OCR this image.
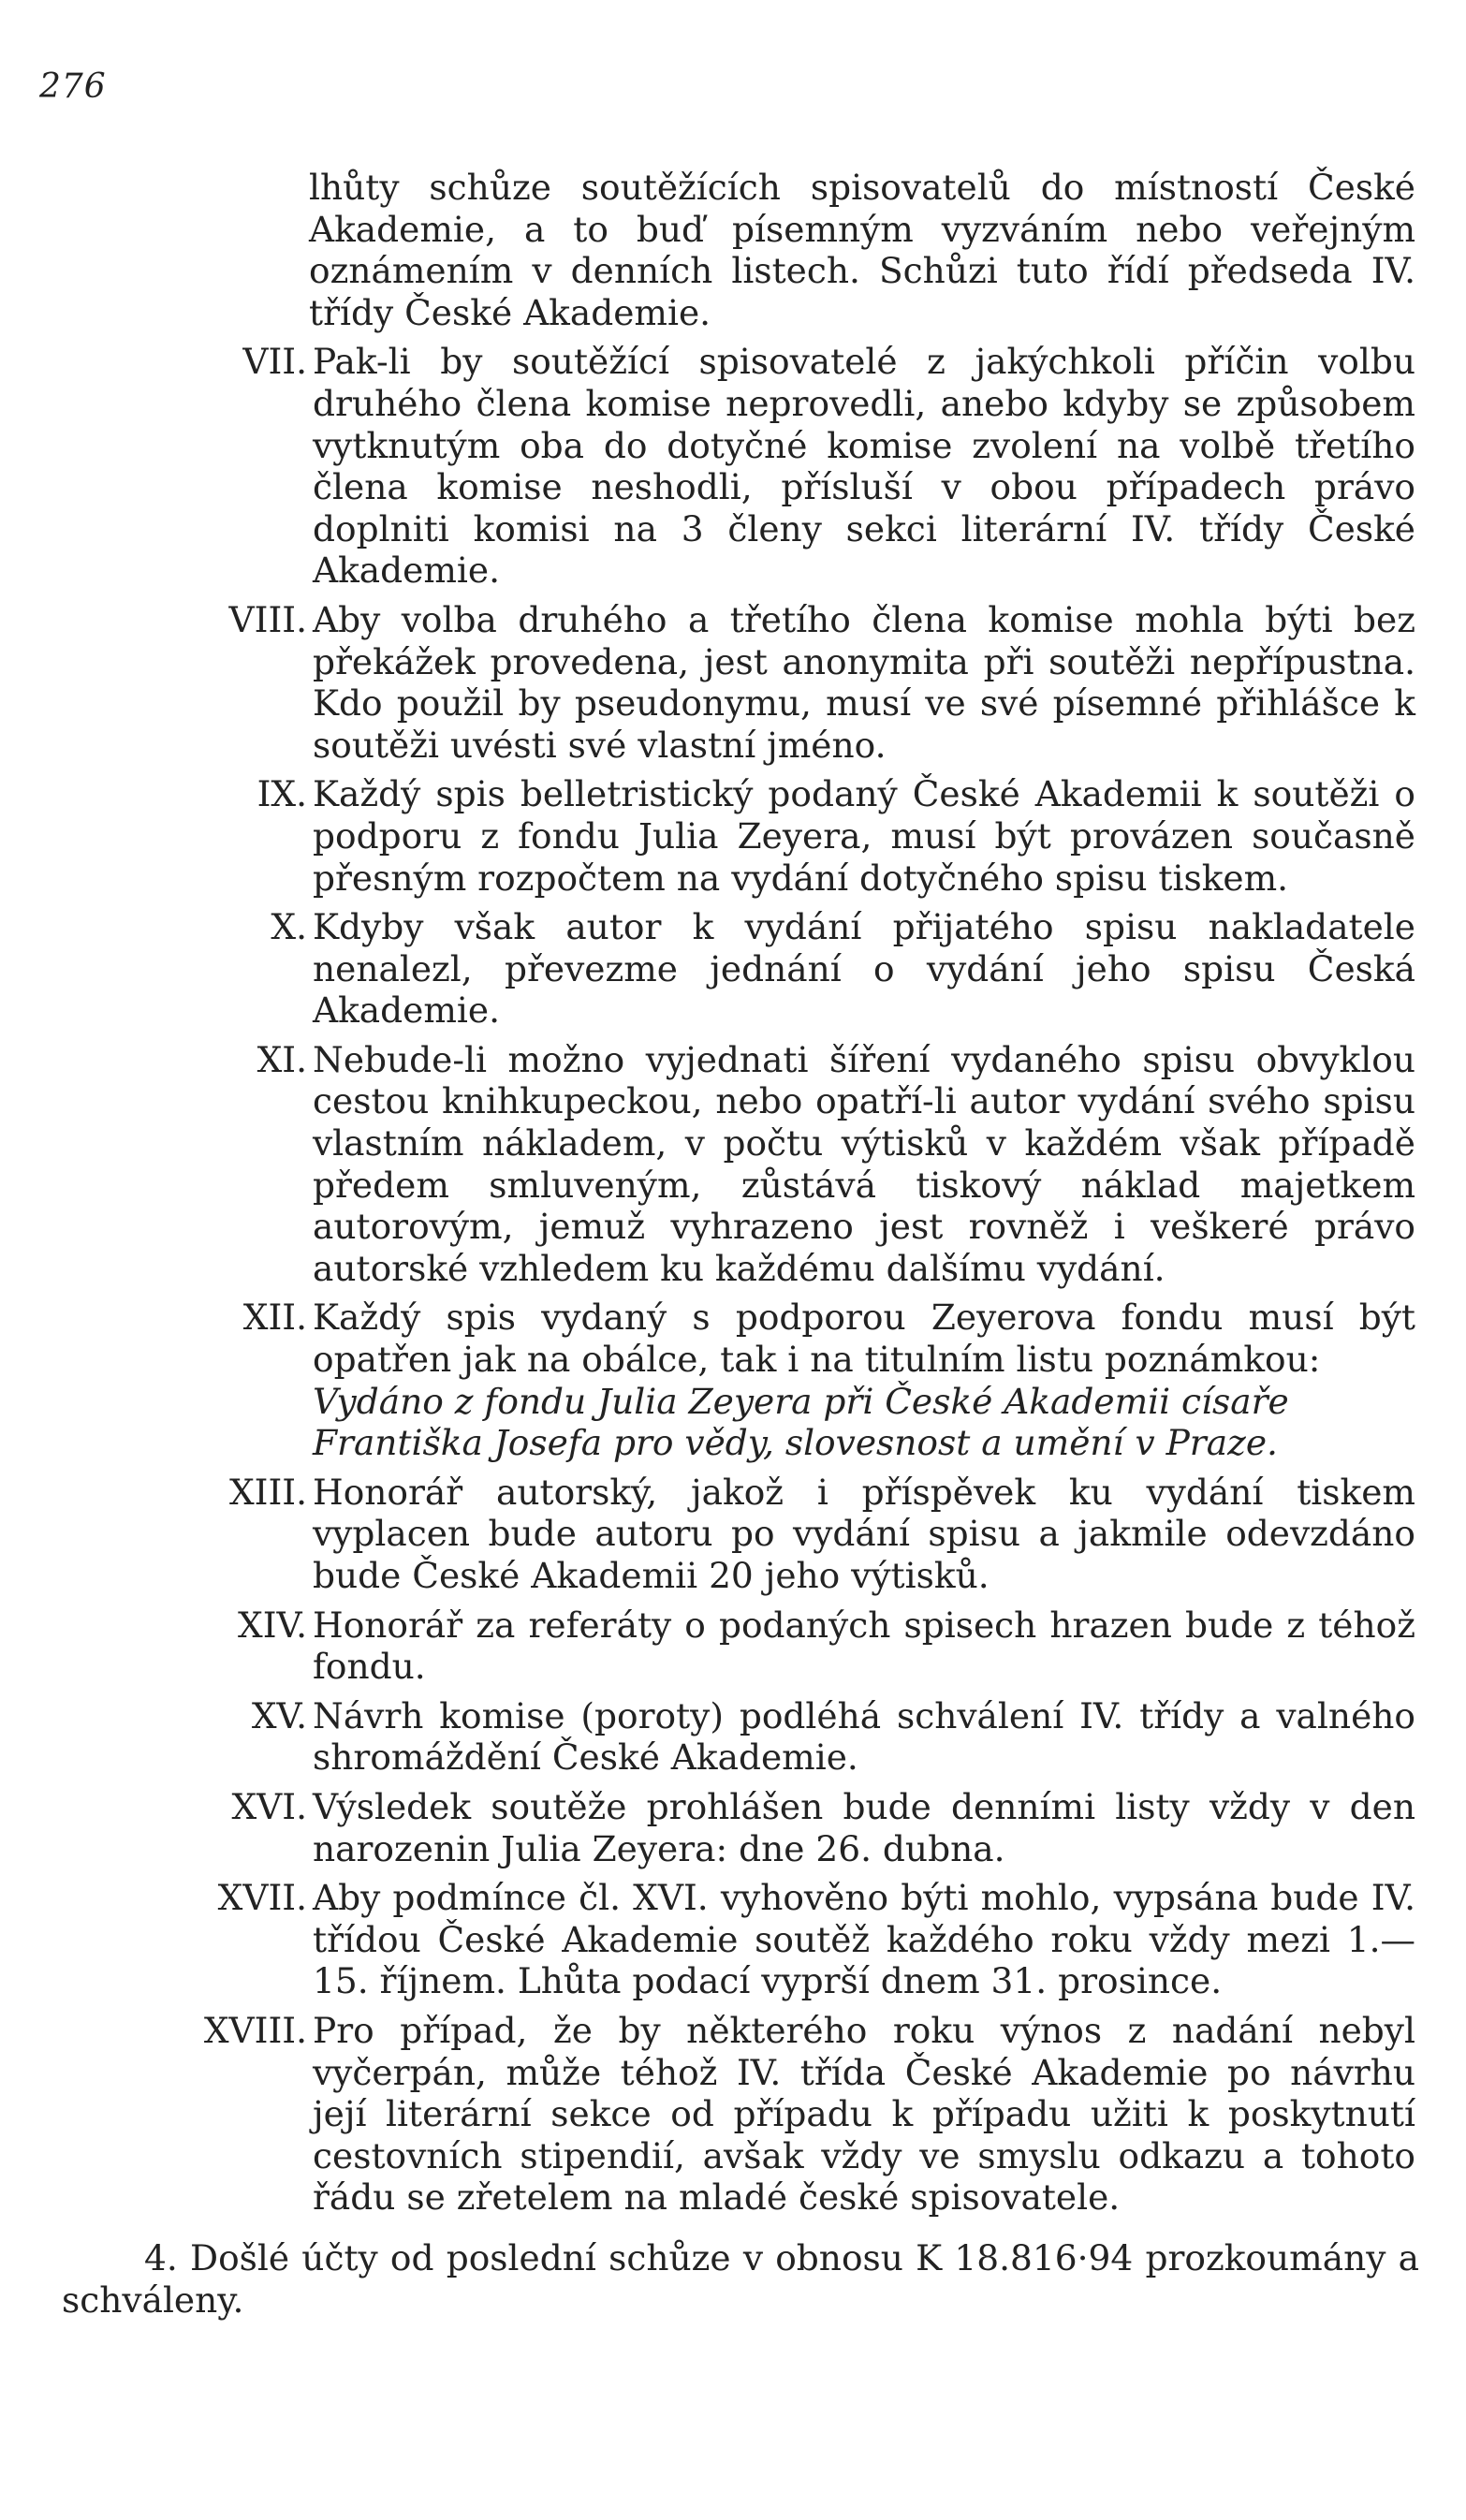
276
lhůty schůze soutěžících spisovatelů do místností České Akademie, a to buď písemným vyzváním nebo veřejným oznámením v denních listech. Schůzi tuto řídí předseda IV. třídy České Akademie.
VII. Pak-li by soutěžící spisovatelé z jakýchkoli příčin volbu druhého člena komise neprovedli, anebo kdyby se způsobem vytknutým oba do dotyčné komise zvolení na volbě třetího člena komise neshodli, přísluší v obou případech právo doplniti komisi na 3 členy sekci literární IV. třídy České Akademie.
VIII. Aby volba druhého a třetího člena komise mohla býti bez překážek provedena, jest anonymita při soutěži nepřípustna. Kdo použil by pseudonymu, musí ve své písemné přihlášce k soutěži uvésti své vlastní jméno.
IX. Každý spis belletristický podaný České Akademii k soutěži o podporu z fondu Julia Zeyera, musí být provázen současně přesným rozpočtem na vydání dotyčného spisu tiskem.
X. Kdyby však autor k vydání přijatého spisu nakladatele nenalezl, převezme jednání o vydání jeho spisu Česká Akademie.
XI. Nebude-li možno vyjednati šíření vydaného spisu obvyklou cestou knihkupeckou, nebo opatří-li autor vydání svého spisu vlastním nákladem, v počtu výtisků v každém však případě předem smluveným, zůstává tiskový náklad majetkem autorovým, jemuž vyhrazeno jest rovněž i veškeré právo autorské vzhledem ku každému dalšímu vydání.
XII. Každý spis vydaný s podporou Zeyerova fondu musí být opatřen jak na obálce, tak i na titulním listu poznámkou:
Vydáno z fondu Julia Zeyera při České Akademii císaře
Františka Josefa pro vědy, slovesnost a umění v Praze.
XIII. Honorář autorský, jakož i příspěvek ku vydání tiskem vyplacen bude autoru po vydání spisu a jakmile odevzdáno bude České Akademii 20 jeho výtisků.
XIV. Honorář za referáty o podaných spisech hrazen bude z téhož fondu.
XV. Návrh komise (poroty) podléhá schválení IV. třídy a valného shromáždění České Akademie.
XVI. Výsledek soutěže prohlášen bude denními listy vždy v den narozenin Julia Zeyera: dne 26. dubna.
XVII. Aby podmínce čl. XVI. vyhověno býti mohlo, vypsána bude IV. třídou České Akademie soutěž každého roku vždy mezi 1.—15. říjnem. Lhůta podací vyprší dnem 31. prosince.
XVIII. Pro případ, že by některého roku výnos z nadání nebyl vyčerpán, může téhož IV. třída České Akademie po návrhu její literární sekce od případu k případu užiti k poskytnutí cestovních stipendií, avšak vždy ve smyslu odkazu a tohoto řádu se zřetelem na mladé české spisovatele.
4. Došlé účty od poslední schůze v obnosu K 18.816·94 prozkoumány a schváleny.
